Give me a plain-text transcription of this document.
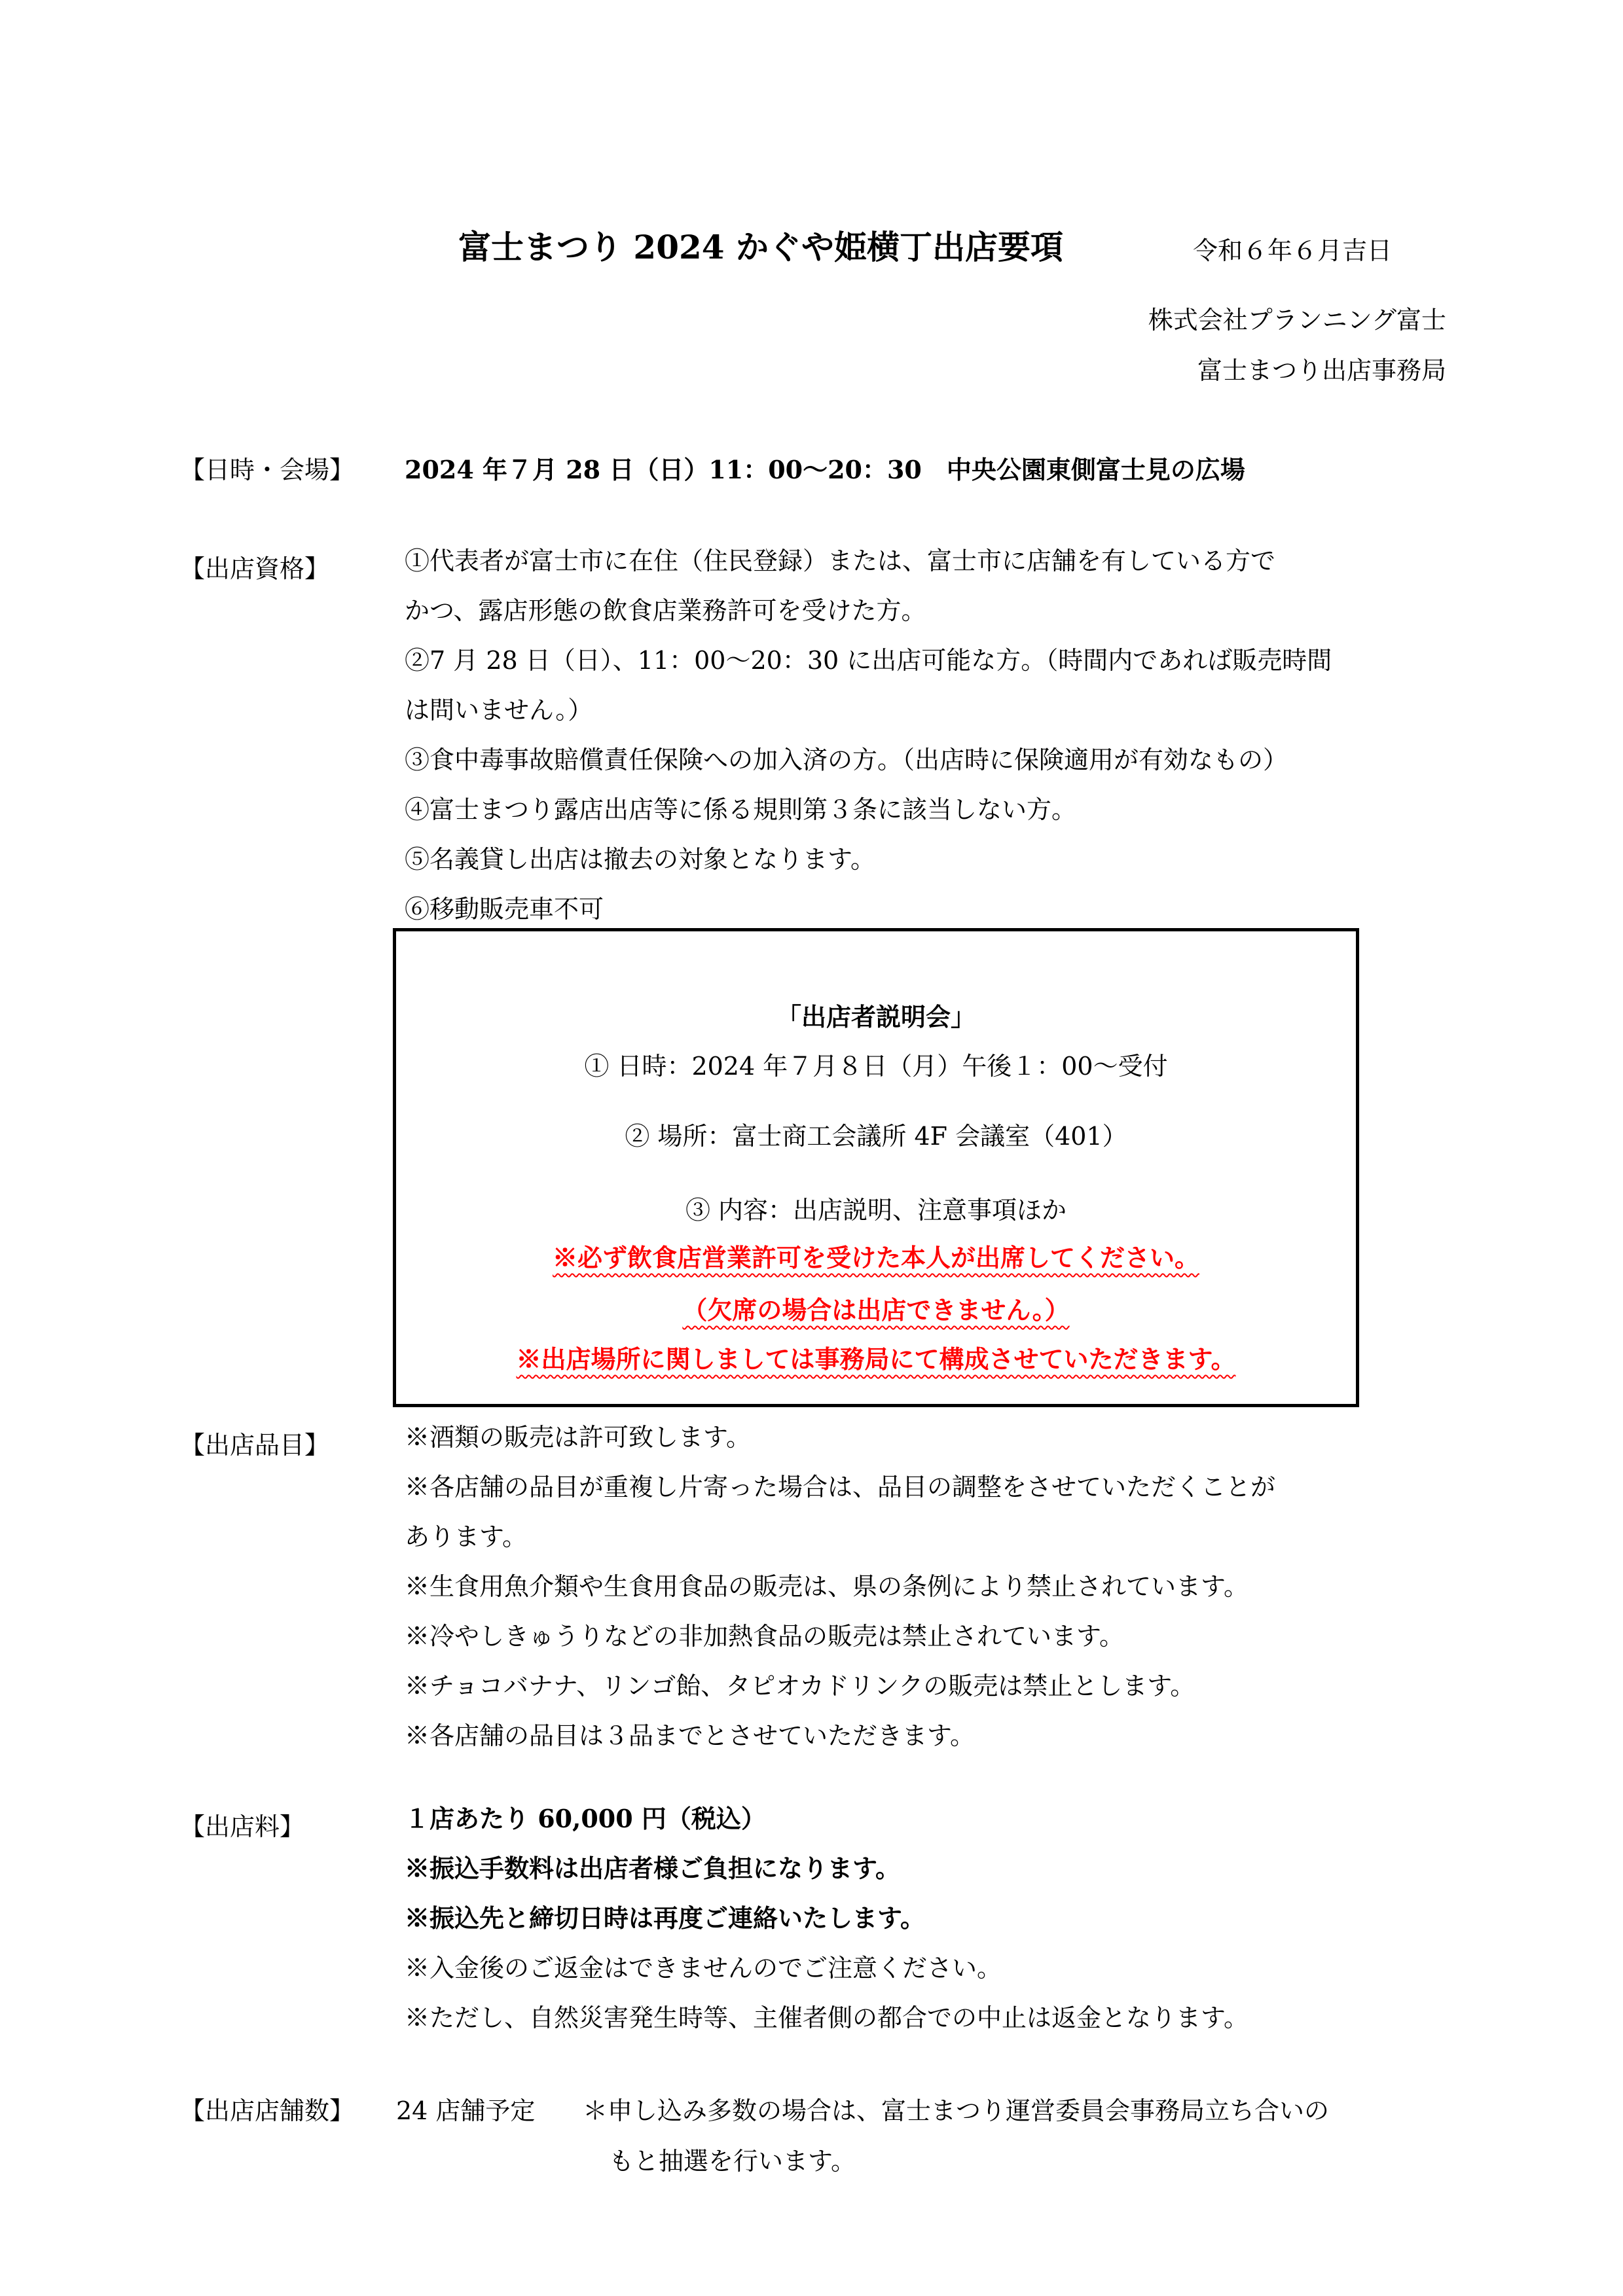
富士まつり 2024 かぐや姫横丁出店要項	令和６年６月吉日
株式会社プランニング富士
富士まつり出店事務局
【日時・会場】 2024 年７月 28 日（日）11：00～20：30　中央公園東側富士見の広場
【出店資格】	①代表者が富士市に在住（住民登録）または、富士市に店舗を有している方で
かつ、露店形態の飲食店業務許可を受けた方。
②7 月 28 日（日）、11：00～20：30 に出店可能な方。（時間内であれば販売時間
は問いません。）
③食中毒事故賠償責任保険への加入済の方。（出店時に保険適用が有効なもの）
④富士まつり露店出店等に係る規則第３条に該当しない方。
⑤名義貸し出店は撤去の対象となります。
⑥移動販売車不可
「出店者説明会」
① 日時：2024 年７月８日（月）午後１：00～受付
② 場所：富士商工会議所 4F 会議室（401）
③ 内容：出店説明、注意事項ほか
※必ず飲食店営業許可を受けた本人が出席してください。
（欠席の場合は出店できません。）
※出店場所に関しましては事務局にて構成させていただきます。
【出店品目】	※酒類の販売は許可致します。
※各店舗の品目が重複し片寄った場合は、品目の調整をさせていただくことが
あります。
※生食用魚介類や生食用食品の販売は、県の条例により禁止されています。
※冷やしきゅうりなどの非加熱食品の販売は禁止されています。
※チョコバナナ、リンゴ飴、タピオカドリンクの販売は禁止とします。
※各店舗の品目は３品までとさせていただきます。
【出店料】	１店あたり 60,000 円（税込）
※振込手数料は出店者様ご負担になります。
※振込先と締切日時は再度ご連絡いたします。
※入金後のご返金はできませんのでご注意ください。
※ただし、自然災害発生時等、主催者側の都合での中止は返金となります。
【出店店舗数】 24 店舗予定 ＊申し込み多数の場合は、富士まつり運営委員会事務局立ち合いの
もと抽選を行います。
